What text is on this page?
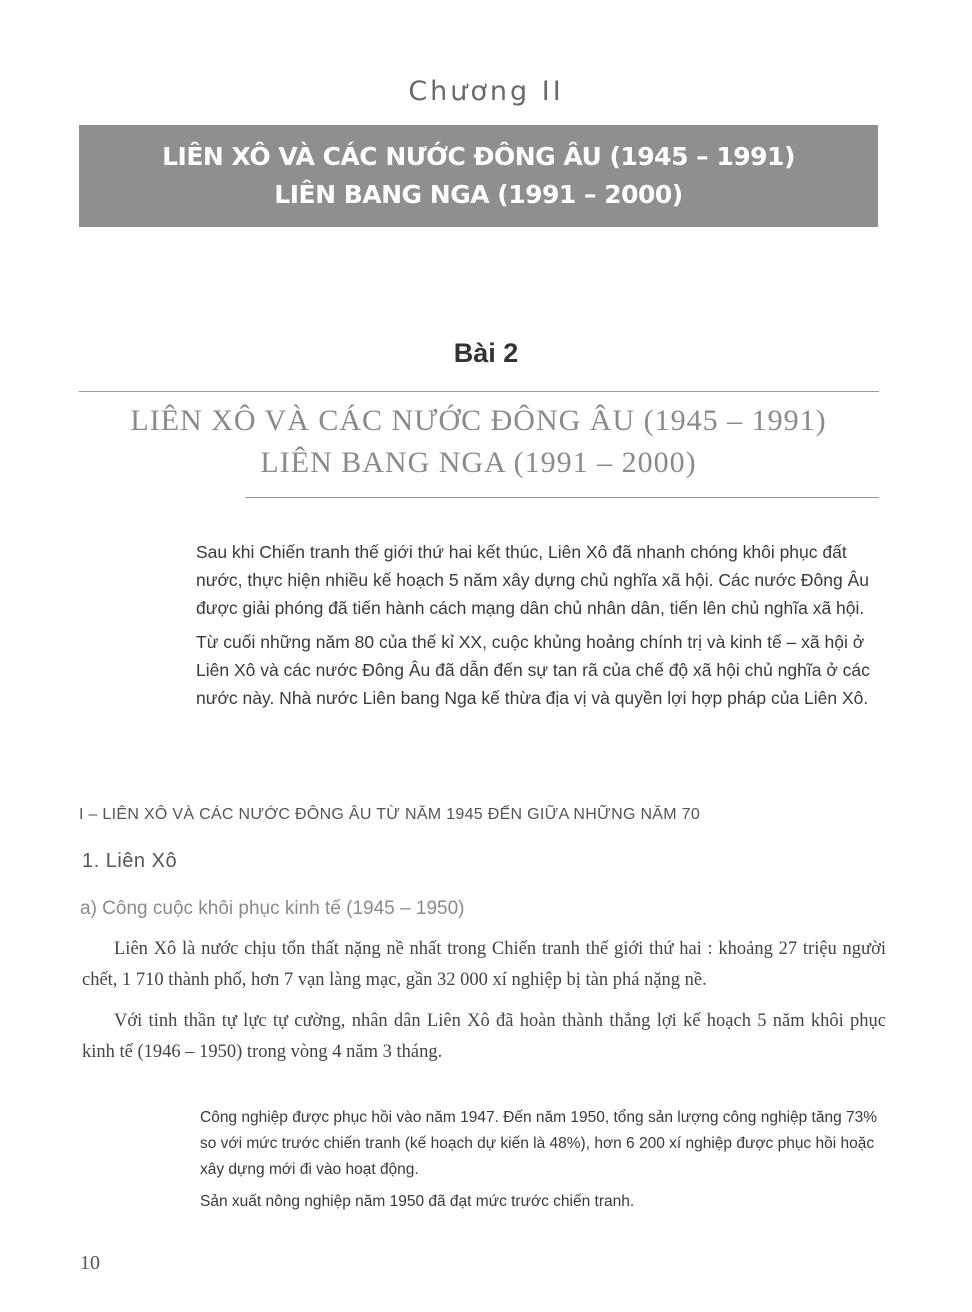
Chương II
LIÊN XÔ VÀ CÁC NƯỚC ĐÔNG ÂU (1945 – 1991)
LIÊN BANG NGA (1991 – 2000)
Bài 2
LIÊN XÔ VÀ CÁC NƯỚC ĐÔNG ÂU (1945 – 1991)
LIÊN BANG NGA (1991 – 2000)

Sau khi Chiến tranh thế giới thứ hai kết thúc, Liên Xô đã nhanh chóng khôi phục đất nước, thực hiện nhiều kế hoạch 5 năm xây dựng chủ nghĩa xã hội. Các nước Đông Âu được giải phóng đã tiến hành cách mạng dân chủ nhân dân, tiến lên chủ nghĩa xã hội.

Từ cuối những năm 80 của thế kỉ XX, cuộc khủng hoảng chính trị và kinh tế – xã hội ở Liên Xô và các nước Đông Âu đã dẫn đến sự tan rã của chế độ xã hội chủ nghĩa ở các nước này. Nhà nước Liên bang Nga kế thừa địa vị và quyền lợi hợp pháp của Liên Xô.

I – LIÊN XÔ VÀ CÁC NƯỚC ĐÔNG ÂU TỪ NĂM 1945 ĐẾN GIỮA NHỮNG NĂM 70
1. Liên Xô
a) Công cuộc khôi phục kinh tế (1945 – 1950)

Liên Xô là nước chịu tổn thất nặng nề nhất trong Chiến tranh thế giới thứ hai : khoảng 27 triệu người chết, 1 710 thành phố, hơn 7 vạn làng mạc, gần 32 000 xí nghiệp bị tàn phá nặng nề.

Với tinh thần tự lực tự cường, nhân dân Liên Xô đã hoàn thành thắng lợi kế hoạch 5 năm khôi phục kinh tế (1946 – 1950) trong vòng 4 năm 3 tháng.

Công nghiệp được phục hồi vào năm 1947. Đến năm 1950, tổng sản lượng công nghiệp tăng 73% so với mức trước chiến tranh (kế hoạch dự kiến là 48%), hơn 6 200 xí nghiệp được phục hồi hoặc xây dựng mới đi vào hoạt động.

Sản xuất nông nghiệp năm 1950 đã đạt mức trước chiến tranh.

10
